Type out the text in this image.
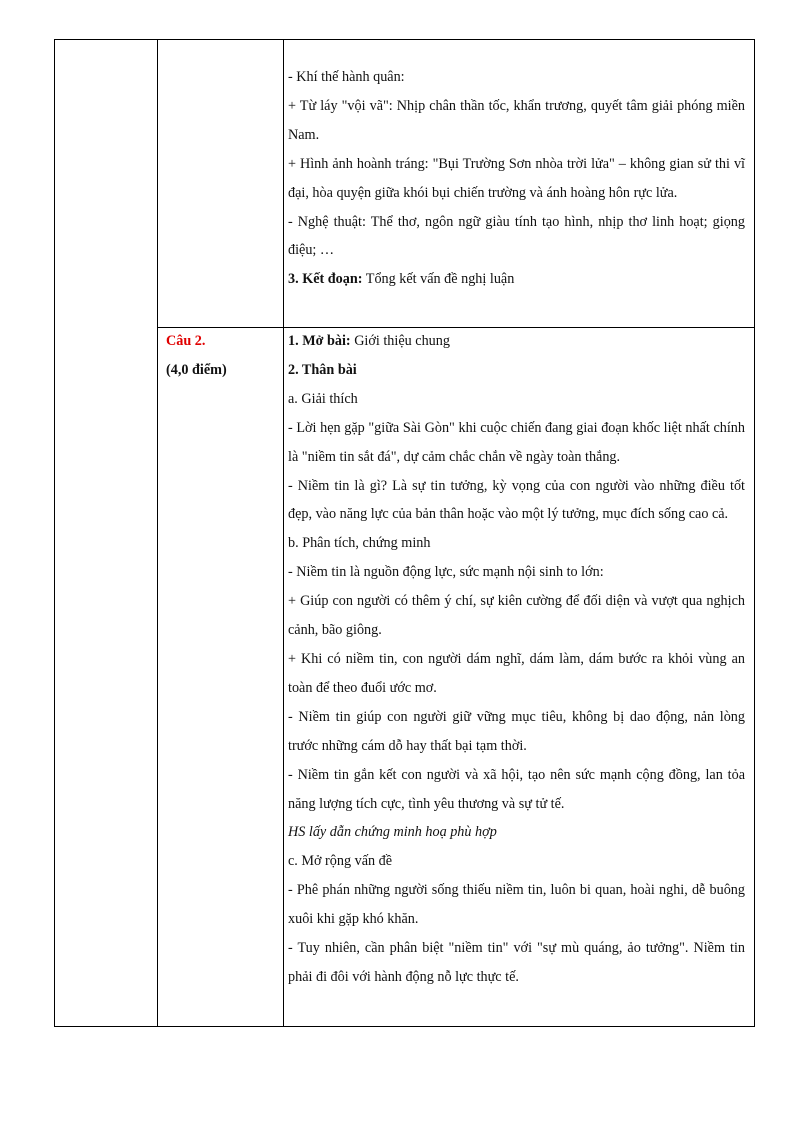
- Khí thế hành quân:

+ Từ láy "vội vã": Nhịp chân thần tốc, khẩn trương, quyết tâm giải phóng miền Nam.

+ Hình ảnh hoành tráng: "Bụi Trường Sơn nhòa trời lửa" – không gian sử thi vĩ đại, hòa quyện giữa khói bụi chiến trường và ánh hoàng hôn rực lửa.

- Nghệ thuật: Thể thơ, ngôn ngữ giàu tính tạo hình, nhịp thơ linh hoạt; giọng điệu; …

3. Kết đoạn: Tổng kết vấn đề nghị luận

Câu 2.
(4,0 điểm)

1. Mở bài: Giới thiệu chung

2. Thân bài

a. Giải thích

- Lời hẹn gặp "giữa Sài Gòn" khi cuộc chiến đang giai đoạn khốc liệt nhất chính là "niềm tin sắt đá", dự cảm chắc chắn về ngày toàn thắng.

- Niềm tin là gì? Là sự tin tưởng, kỳ vọng của con người vào những điều tốt đẹp, vào năng lực của bản thân hoặc vào một lý tưởng, mục đích sống cao cả.

b. Phân tích, chứng minh

- Niềm tin là nguồn động lực, sức mạnh nội sinh to lớn:

+ Giúp con người có thêm ý chí, sự kiên cường để đối diện và vượt qua nghịch cảnh, bão giông.

+ Khi có niềm tin, con người dám nghĩ, dám làm, dám bước ra khỏi vùng an toàn để theo đuổi ước mơ.

- Niềm tin giúp con người giữ vững mục tiêu, không bị dao động, nản lòng trước những cám dỗ hay thất bại tạm thời.

- Niềm tin gắn kết con người và xã hội, tạo nên sức mạnh cộng đồng, lan tỏa năng lượng tích cực, tình yêu thương và sự tử tế.

HS lấy dẫn chứng minh hoạ phù hợp

c. Mở rộng vấn đề

- Phê phán những người sống thiếu niềm tin, luôn bi quan, hoài nghi, dễ buông xuôi khi gặp khó khăn.

- Tuy nhiên, cần phân biệt "niềm tin" với "sự mù quáng, ảo tưởng". Niềm tin phải đi đôi với hành động nỗ lực thực tế.
